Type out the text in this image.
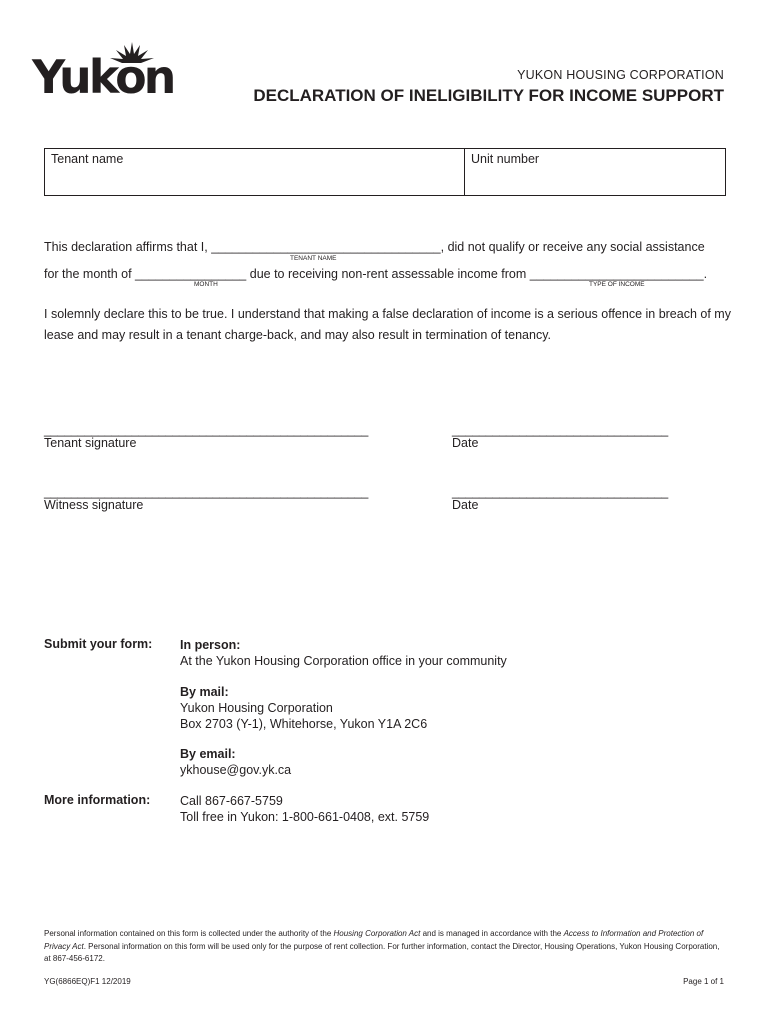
Yukon	YUKON HOUSING CORPORATION
DECLARATION OF INELIGIBILITY FOR INCOME SUPPORT
Tenant name	Unit number
This declaration affirms that I, _________________________________, did not qualify or receive any social assistance
TENANT NAME
for the month of ________________ due to receiving non-rent assessable income from _________________________.
MONTH	TYPE OF INCOME
I solemnly declare this to be true. I understand that making a false declaration of income is a serious offence in breach of my lease and may result in a tenant charge-back, and may also result in termination of tenancy.
________________________________________________
Tenant signature
________________________________
Date
________________________________________________
Witness signature
________________________________
Date
Submit your form: In person:
At the Yukon Housing Corporation office in your community
By mail:
Yukon Housing Corporation
Box 2703 (Y-1), Whitehorse, Yukon Y1A 2C6
By email:
ykhouse@gov.yk.ca
More information: Call 867-667-5759
Toll free in Yukon: 1-800-661-0408, ext. 5759
Personal information contained on this form is collected under the authority of the Housing Corporation Act and is managed in accordance with the Access to Information and Protection of Privacy Act. Personal information on this form will be used only for the purpose of rent collection. For further information, contact the Director, Housing Operations, Yukon Housing Corporation, at 867-456-6172.
YG(6866EQ)F1 12/2019	Page 1 of 1
